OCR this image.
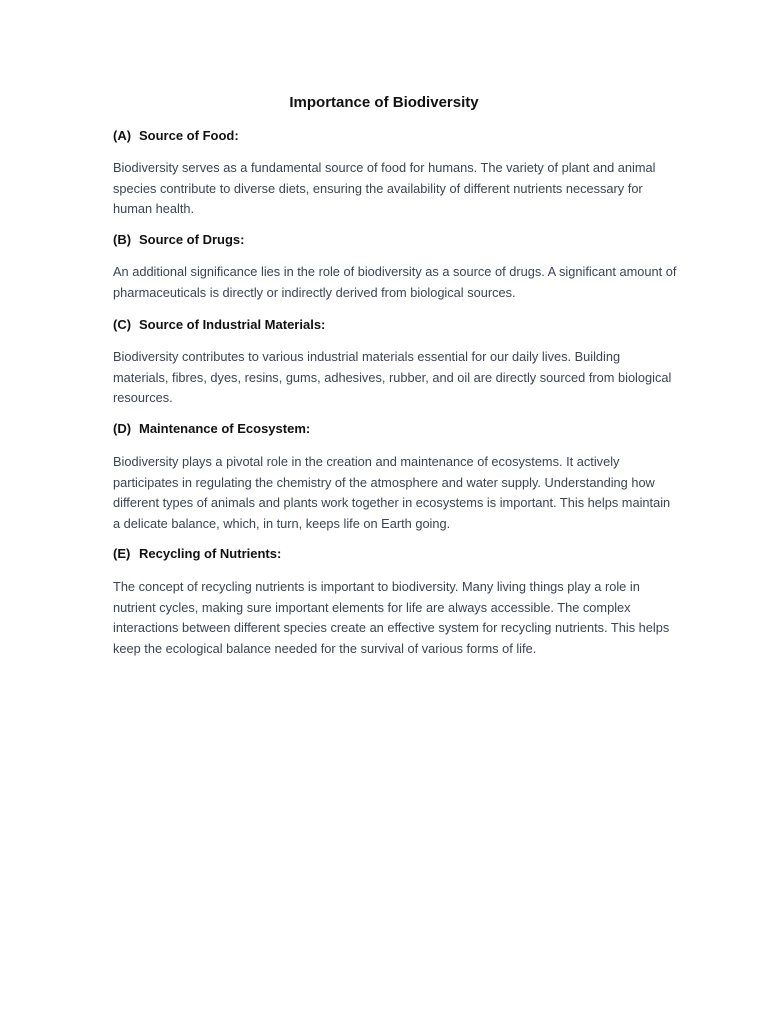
Importance of Biodiversity
(A) Source of Food:

Biodiversity serves as a fundamental source of food for humans. The variety of plant and animal species contribute to diverse diets, ensuring the availability of different nutrients necessary for human health.

(B) Source of Drugs:

An additional significance lies in the role of biodiversity as a source of drugs. A significant amount of pharmaceuticals is directly or indirectly derived from biological sources.

(C) Source of Industrial Materials:

Biodiversity contributes to various industrial materials essential for our daily lives. Building materials, fibres, dyes, resins, gums, adhesives, rubber, and oil are directly sourced from biological resources.

(D) Maintenance of Ecosystem:

Biodiversity plays a pivotal role in the creation and maintenance of ecosystems. It actively participates in regulating the chemistry of the atmosphere and water supply. Understanding how different types of animals and plants work together in ecosystems is important. This helps maintain a delicate balance, which, in turn, keeps life on Earth going.

(E) Recycling of Nutrients:

The concept of recycling nutrients is important to biodiversity. Many living things play a role in nutrient cycles, making sure important elements for life are always accessible. The complex interactions between different species create an effective system for recycling nutrients. This helps keep the ecological balance needed for the survival of various forms of life.
